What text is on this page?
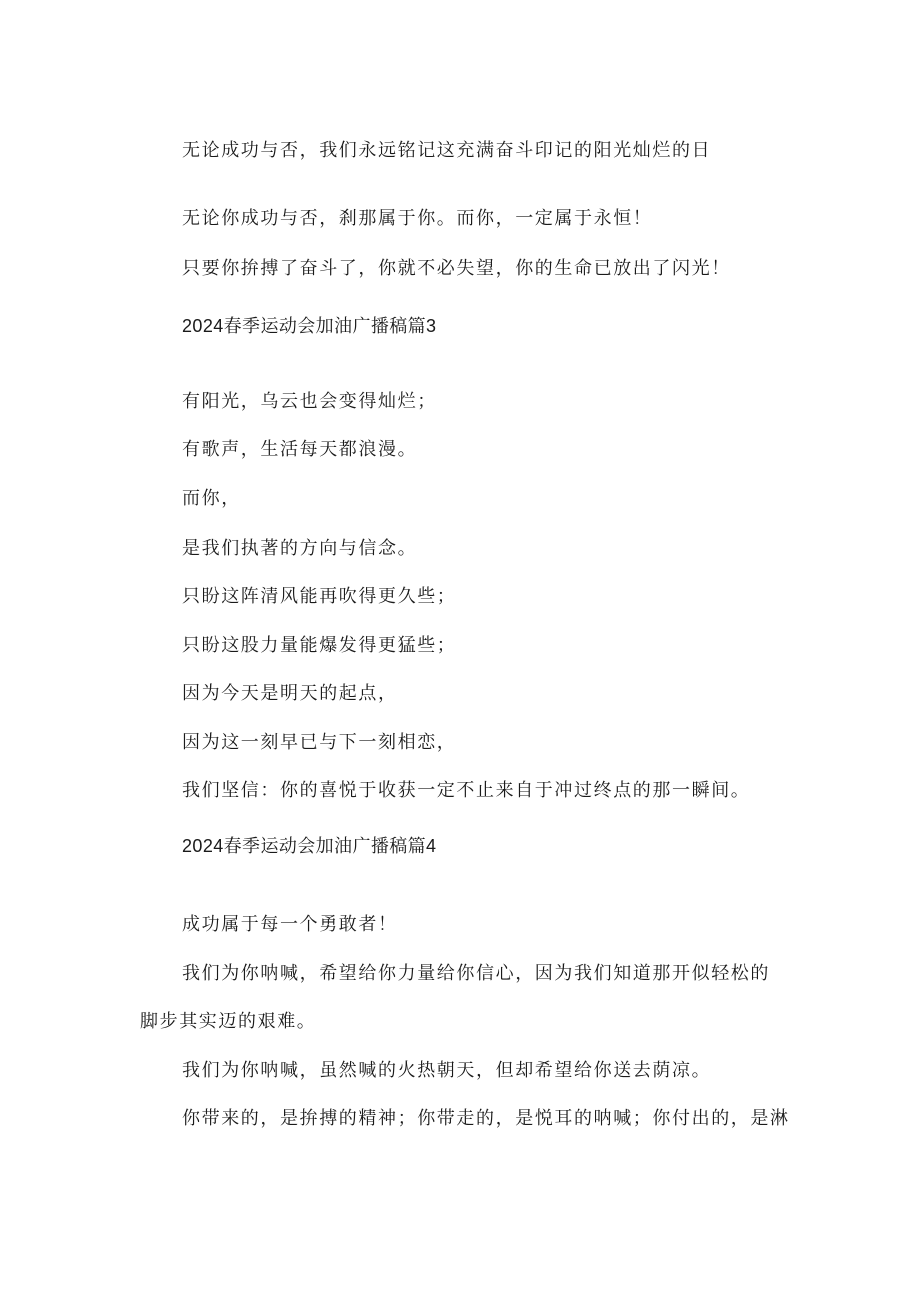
无论成功与否，我们永远铭记这充满奋斗印记的阳光灿烂的日
无论你成功与否，刹那属于你。而你，一定属于永恒！
只要你拚搏了奋斗了，你就不必失望，你的生命已放出了闪光！
2024春季运动会加油广播稿篇3
有阳光，乌云也会变得灿烂；
有歌声，生活每天都浪漫。
而你，
是我们执著的方向与信念。
只盼这阵清风能再吹得更久些；
只盼这股力量能爆发得更猛些；
因为今天是明天的起点，
因为这一刻早已与下一刻相恋，
我们坚信：你的喜悦于收获一定不止来自于冲过终点的那一瞬间。
2024春季运动会加油广播稿篇4
成功属于每一个勇敢者！
我们为你呐喊，希望给你力量给你信心，因为我们知道那开似轻松的
脚步其实迈的艰难。
我们为你呐喊，虽然喊的火热朝天，但却希望给你送去荫凉。
你带来的，是拚搏的精神；你带走的，是悦耳的呐喊；你付出的，是淋
